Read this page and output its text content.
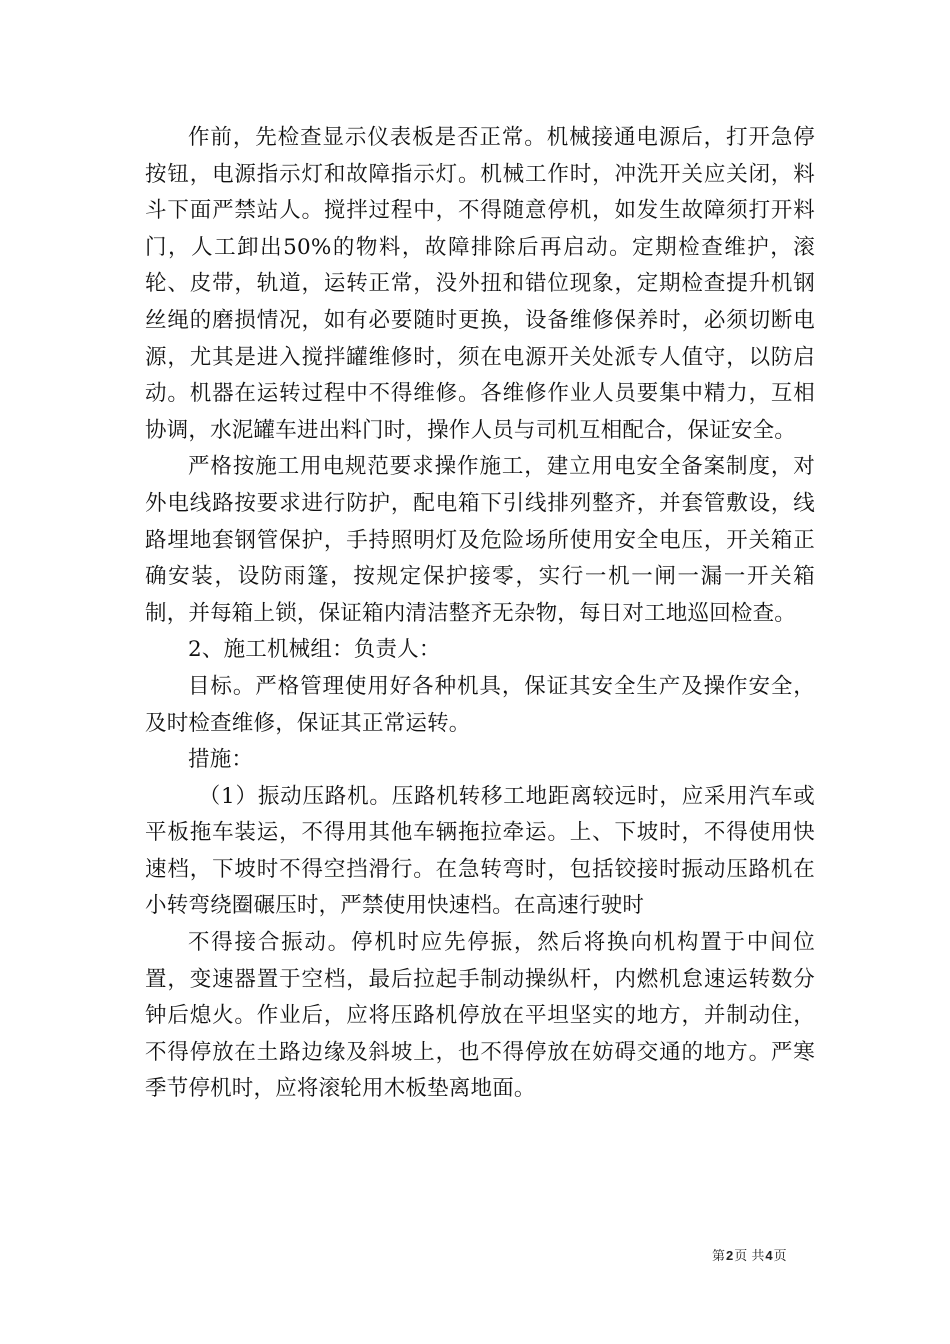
作前，先检查显示仪表板是否正常。机械接通电源后，打开急停按钮，电源指示灯和故障指示灯。机械工作时，冲洗开关应关闭，料斗下面严禁站人。搅拌过程中，不得随意停机，如发生故障须打开料门，人工卸出50%的物料，故障排除后再启动。定期检查维护，滚轮、皮带，轨道，运转正常，没外扭和错位现象，定期检查提升机钢丝绳的磨损情况，如有必要随时更换，设备维修保养时，必须切断电源，尤其是进入搅拌罐维修时，须在电源开关处派专人值守，以防启动。机器在运转过程中不得维修。各维修作业人员要集中精力，互相协调，水泥罐车进出料门时，操作人员与司机互相配合，保证安全。

严格按施工用电规范要求操作施工，建立用电安全备案制度，对外电线路按要求进行防护，配电箱下引线排列整齐，并套管敷设，线路埋地套钢管保护，手持照明灯及危险场所使用安全电压，开关箱正确安装，设防雨篷，按规定保护接零，实行一机一闸一漏一开关箱制，并每箱上锁，保证箱内清洁整齐无杂物，每日对工地巡回检查。

2、施工机械组：负责人：

目标。严格管理使用好各种机具，保证其安全生产及操作安全，及时检查维修，保证其正常运转。

措施：

（1）振动压路机。压路机转移工地距离较远时，应采用汽车或平板拖车装运，不得用其他车辆拖拉牵运。上、下坡时，不得使用快速档，下坡时不得空挡滑行。在急转弯时，包括铰接时振动压路机在小转弯绕圈碾压时，严禁使用快速档。在高速行驶时

不得接合振动。停机时应先停振，然后将换向机构置于中间位置，变速器置于空档，最后拉起手制动操纵杆，内燃机怠速运转数分钟后熄火。作业后，应将压路机停放在平坦坚实的地方，并制动住，不得停放在土路边缘及斜坡上，也不得停放在妨碍交通的地方。严寒季节停机时，应将滚轮用木板垫离地面。

第2页 共4页
